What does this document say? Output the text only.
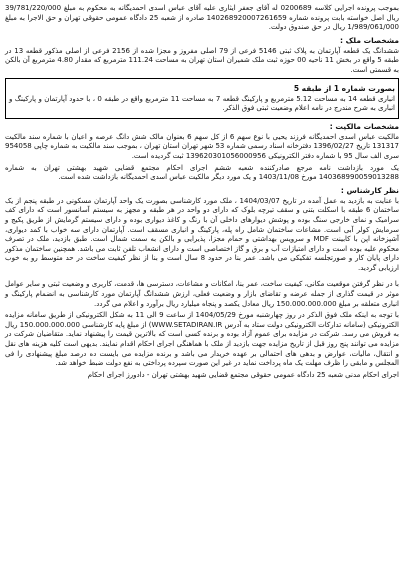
بموجب پرونده اجرایی کلاسه 0200689 له آقای جعفر ایثاری علیه آقای عباس اسدی احمدیگانه به محکوم به مبلغ 39/781/220/000 ریال اصل خواسته بابت پرونده شماره 140268920007261659 صادره از شعبه 25 دادگاه عمومی حقوقی تهران و حق الاجرا به مبلغ 1/989/061/000 ریال در حق صندوق دولت.

مشخصات ملک :

ششدانگ یک قطعه آپارتمان به پلاک ثبتی 5146 فرعی از 79 اصلی مفروز و مجزا شده از 2156 فرعی از اصلی مذکور قطعه 13 در طبقه 5 واقع در بخش 11 ناحیه 00 حوزه ثبت ملک شمیران استان تهران به مساحت 111.24 مترمربع که مقدار 4.80 مترمربع آن بالکن به قسمتی است.

بصورت شماره 1 از طبقه 5

انباری قطعه 14 به مساحت 5.12 مترمربع و پارکینگ قطعه 7 به مساحت 11 مترمربع واقع در طبقه 0 ، با حدود آپارتمان و پارکینگ و انباری به شرح مندرج در نامه اعلام وضعیت ثبتی فوق الذکر.

مشخصات مالکیت :

مالکیت عباس اسدی احمدیگانه فرزند یحیی با نوع سهم 6 از کل سهم 6 بعنوان مالک شش دانگ عرصه و اعیان با شماره سند مالکیت 131317 تاریخ 1396/02/27 دفترخانه اسناد رسمی شماره 53 شهر تهران استان تهران ، بموجب سند مالکیت به شماره چاپی 954058 سری الف سال 95 با شماره دفتر الکترونیکی 139620301056000956 ثبت گردیده است.

یک مورد بازداشت نامه مرجع صادرکننده شعبه ششم اجرای احکام مجتمع قضایی شهید بهشتی تهران به شماره 140368990059013288 مورخ 1403/11/08 و یک مورد دیگر مالکیت عباس اسدی احمدیگانه بازداشت شده است.

نظر کارشناس :

با عنایت به بازدید به عمل آمده در تاریخ 1404/03/07 ، ملک مورد کارشناسی بصورت یک واحد آپارتمان مسکونی در طبقه پنجم از یک ساختمان 6 طبقه با اسکلت بتنی و سقف تیرچه بلوک که دارای دو واحد در هر طبقه و مجهز به سیستم آسانسور است که دارای کف سرامیک و نمای خارجی سنگ بوده و پوشش دیوارهای داخلی آن با رنگ و کاغذ دیواری بوده و دارای سیستم گرمایش از طریق پکیج و سرمایش کولر آبی است. مشاعات ساختمان شامل راه پله، پارکینگ و انباری مسقف است. آپارتمان دارای سه خواب با کمد دیواری، آشپزخانه اپن با کابینت MDF و سرویس بهداشتی و حمام مجزا، پذیرایی و بالکن به سمت شمال است. طبق بازدید، ملک در تصرف محکوم علیه بوده است و دارای امتیازات آب و برق و گاز اختصاصی است و دارای انشعاب تلفن ثابت می باشد. همچنین ساختمان مذکور دارای پایان کار و صورتجلسه تفکیکی می باشد. عمر بنا در حدود 8 سال است و بنا از نظر کیفیت ساخت در حد متوسط رو به خوب ارزیابی گردید.

با در نظر گرفتن موقعیت مکانی، کیفیت ساخت، عمر بنا، امکانات و مشاعات، دسترسی ها، قدمت، کاربری و وضعیت ثبتی و سایر عوامل موثر در قیمت گذاری از جمله عرضه و تقاضای بازار و وضعیت فعلی، ارزش ششدانگ آپارتمان مورد کارشناسی به انضمام پارکینگ و انباری متعلقه بر مبلغ 150.000.000.000 ریال معادل یکصد و پنجاه میلیارد ریال برآورد و اعلام می گردد.

با توجه به اینکه ملک فوق الذکر در روز چهارشنبه مورخ 1404/05/29 از ساعت 9 الی 11 به شکل الکترونیکی از طریق سامانه مزایده الکترونیکی (سامانه تدارکات الکترونیکی دولت ستاد به آدرس WWW.SETADIRAN.IR) از مبلغ پایه کارشناسی 150.000.000.000 ریال به فروش می رسد. شرکت در مزایده برای عموم آزاد بوده و برنده کسی است که بالاترین قیمت را پیشنهاد نماید. متقاضیان شرکت در مزایده می توانند پنج روز قبل از تاریخ مزایده جهت بازدید از ملک با هماهنگی اجرای احکام اقدام نمایند. بدیهی است کلیه هزینه های نقل و انتقال، مالیات، عوارض و بدهی های احتمالی بر عهده خریدار می باشد و برنده مزایده می بایست ده درصد مبلغ پیشنهادی را فی المجلس و مابقی را ظرف مهلت یک ماه پرداخت نماید در غیر این صورت سپرده پرداختی به نفع دولت ضبط خواهد شد.

اجرای احکام مدنی شعبه 25 دادگاه عمومی حقوقی مجتمع قضایی شهید بهشتی تهران - دادورز اجرای احکام
